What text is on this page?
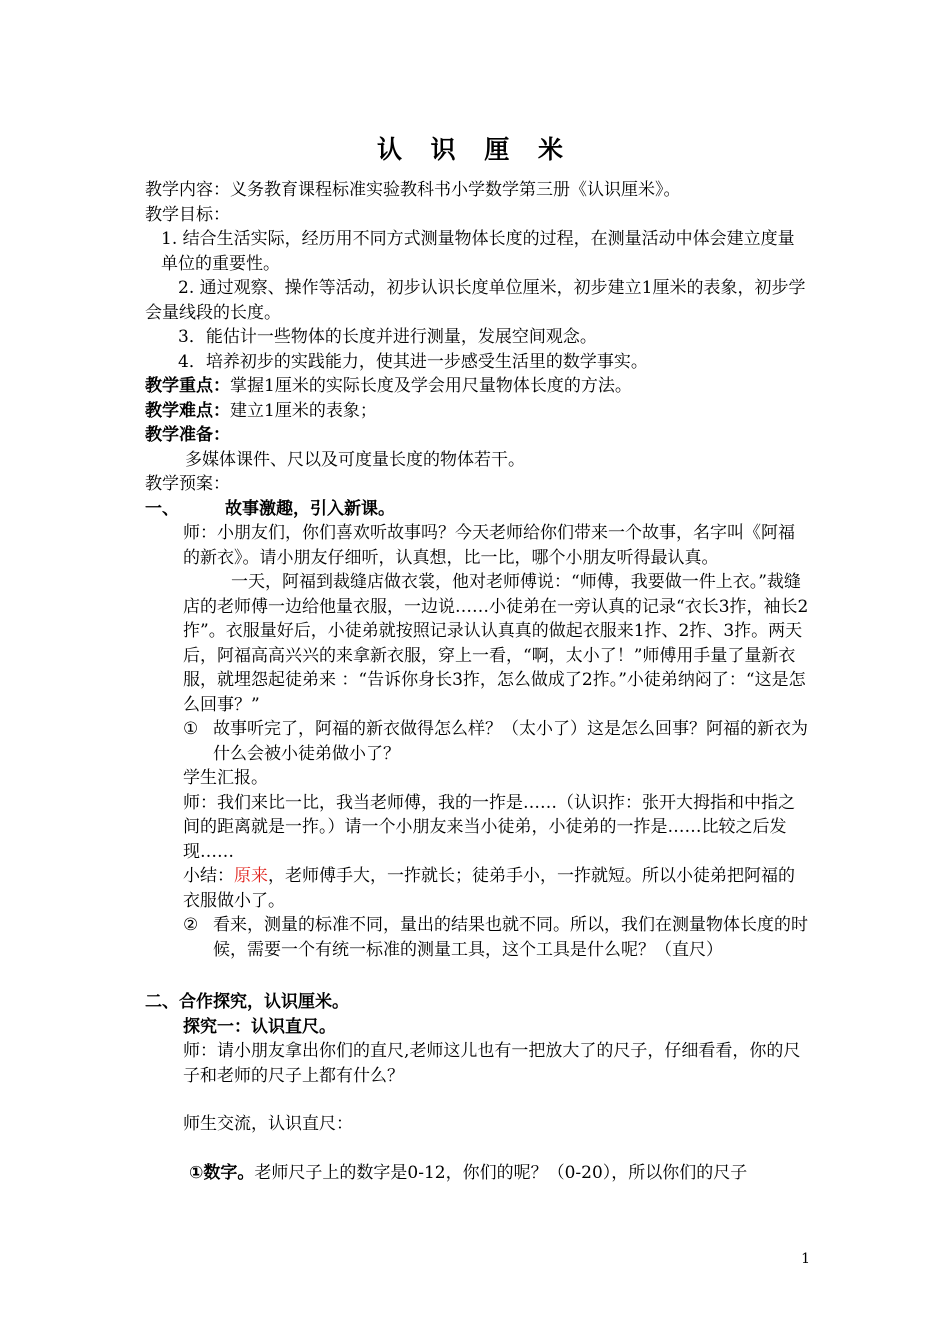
认 识 厘 米

教学内容：义务教育课程标准实验教科书小学数学第三册《认识厘米》。

教学目标：

1. 结合生活实际，经历用不同方式测量物体长度的过程，在测量活动中体会建立度量单位的重要性。

2. 通过观察、操作等活动，初步认识长度单位厘米，初步建立1厘米的表象，初步学会量线段的长度。

3．能估计一些物体的长度并进行测量，发展空间观念。

4．培养初步的实践能力，使其进一步感受生活里的数学事实。

教学重点：掌握1厘米的实际长度及学会用尺量物体长度的方法。

教学难点：建立1厘米的表象；

教学准备：

多媒体课件、尺以及可度量长度的物体若干。

教学预案：

一、	故事激趣，引入新课。

师：小朋友们，你们喜欢听故事吗？今天老师给你们带来一个故事，名字叫《阿福的新衣》。请小朋友仔细听，认真想，比一比，哪个小朋友听得最认真。

一天，阿福到裁缝店做衣裳，他对老师傅说：“师傅，我要做一件上衣。”裁缝店的老师傅一边给他量衣服，一边说……小徒弟在一旁认真的记录“衣长3拃，袖长2拃”。衣服量好后，小徒弟就按照记录认认真真的做起衣服来1拃、2拃、3拃。两天后，阿福高高兴兴的来拿新衣服，穿上一看，“啊，太小了！”师傅用手量了量新衣服，就埋怨起徒弟来 ：“告诉你身长3拃，怎么做成了2拃。”小徒弟纳闷了：“这是怎么回事？”

① 故事听完了，阿福的新衣做得怎么样？（太小了）这是怎么回事？阿福的新衣为什么会被小徒弟做小了？

学生汇报。

师：我们来比一比，我当老师傅，我的一拃是……（认识拃：张开大拇指和中指之间的距离就是一拃。）请一个小朋友来当小徒弟，小徒弟的一拃是……比较之后发现……

小结：原来，老师傅手大，一拃就长；徒弟手小，一拃就短。所以小徒弟把阿福的衣服做小了。

② 看来，测量的标准不同，量出的结果也就不同。所以，我们在测量物体长度的时候，需要一个有统一标准的测量工具，这个工具是什么呢？（直尺）

二、合作探究，认识厘米。

探究一：认识直尺。

师：请小朋友拿出你们的直尺,老师这儿也有一把放大了的尺子，仔细看看，你的尺子和老师的尺子上都有什么？

师生交流，认识直尺：

①数字。老师尺子上的数字是0-12，你们的呢？（0-20），所以你们的尺子

1
